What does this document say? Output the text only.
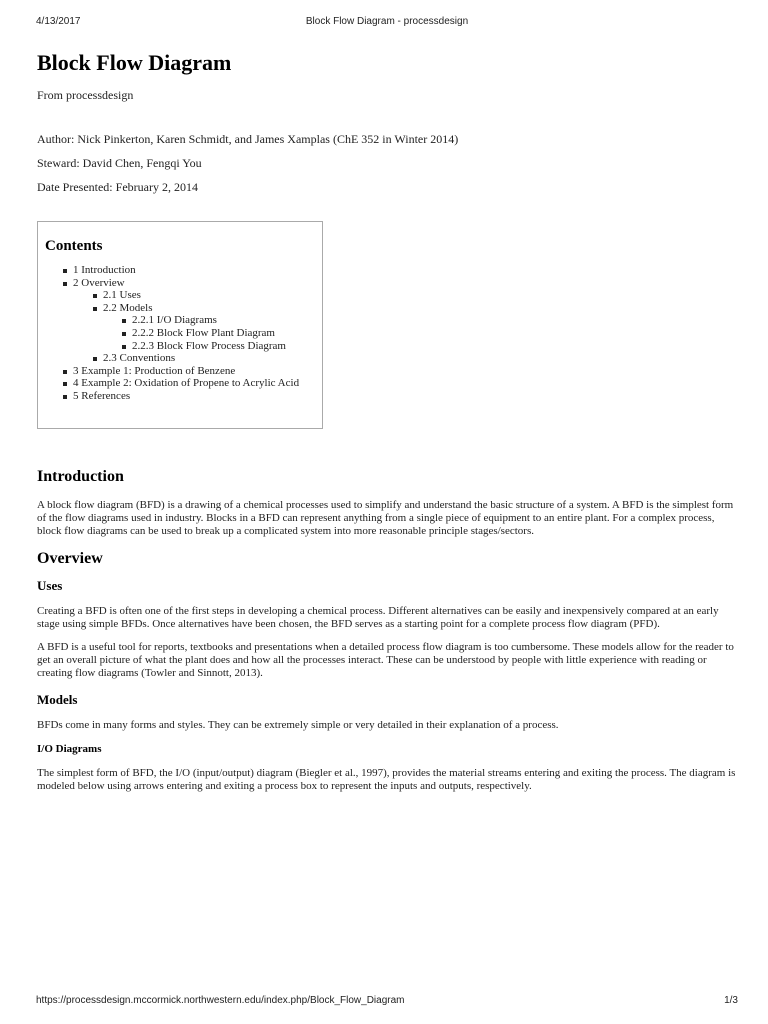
4/13/2017	Block Flow Diagram - processdesign
Block Flow Diagram
From processdesign

Author: Nick Pinkerton, Karen Schmidt, and James Xamplas (ChE 352 in Winter 2014)

Steward: David Chen, Fengqi You

Date Presented: February 2, 2014

Contents
1 Introduction
2 Overview
2.1 Uses
2.2 Models
2.2.1 I/O Diagrams
2.2.2 Block Flow Plant Diagram
2.2.3 Block Flow Process Diagram
2.3 Conventions
3 Example 1: Production of Benzene
4 Example 2: Oxidation of Propene to Acrylic Acid
5 References
Introduction

A block flow diagram (BFD) is a drawing of a chemical processes used to simplify and understand the basic structure of a system. A BFD is the simplest form of the flow diagrams used in industry. Blocks in a BFD can represent anything from a single piece of equipment to an entire plant. For a complex process, block flow diagrams can be used to break up a complicated system into more reasonable principle stages/sectors.

Overview
Uses

Creating a BFD is often one of the first steps in developing a chemical process. Different alternatives can be easily and inexpensively compared at an early stage using simple BFDs. Once alternatives have been chosen, the BFD serves as a starting point for a complete process flow diagram (PFD).

A BFD is a useful tool for reports, textbooks and presentations when a detailed process flow diagram is too cumbersome. These models allow for the reader to get an overall picture of what the plant does and how all the processes interact. These can be understood by people with little experience with reading or creating flow diagrams (Towler and Sinnott, 2013).

Models

BFDs come in many forms and styles. They can be extremely simple or very detailed in their explanation of a process.

I/O Diagrams

The simplest form of BFD, the I/O (input/output) diagram (Biegler et al., 1997), provides the material streams entering and exiting the process. The diagram is modeled below using arrows entering and exiting a process box to represent the inputs and outputs, respectively.

https://processdesign.mccormick.northwestern.edu/index.php/Block_Flow_Diagram	1/3
